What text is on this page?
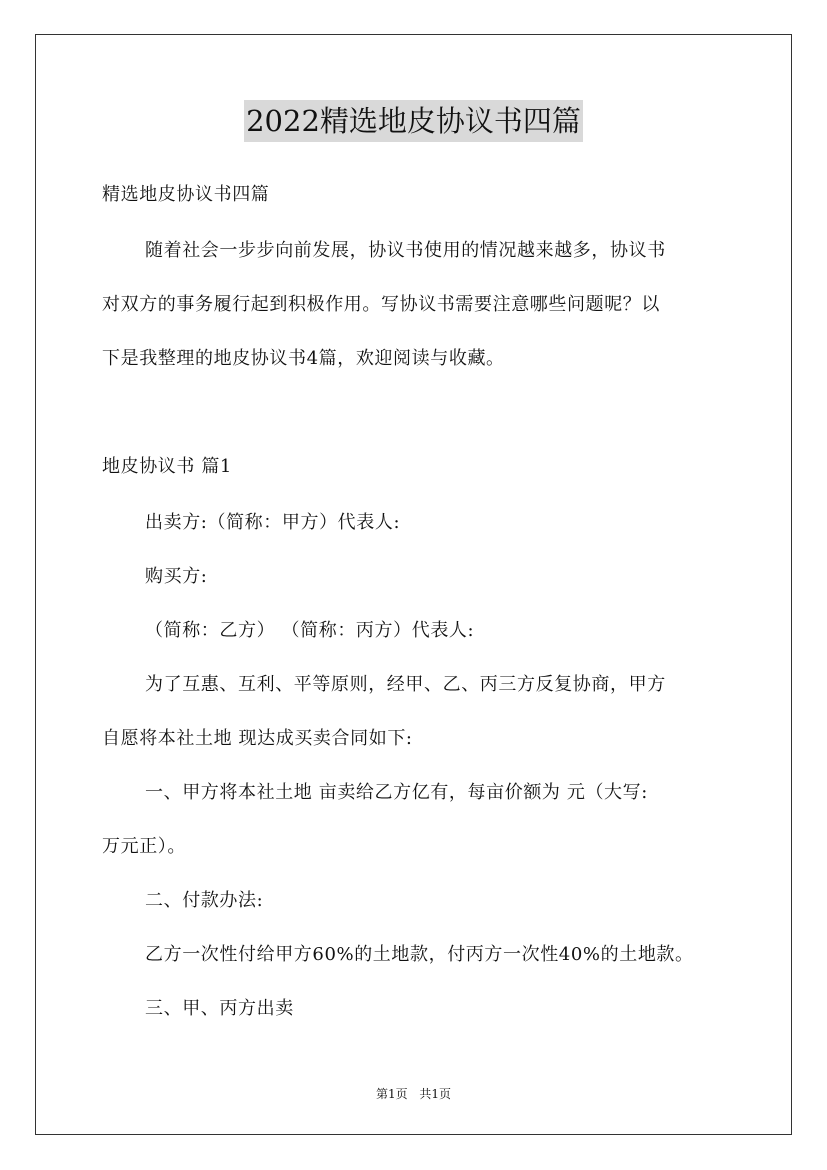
2022精选地皮协议书四篇
精选地皮协议书四篇
随着社会一步步向前发展，协议书使用的情况越来越多，协议书
对双方的事务履行起到积极作用。写协议书需要注意哪些问题呢？以
下是我整理的地皮协议书4篇，欢迎阅读与收藏。
地皮协议书 篇1
出卖方:（简称：甲方）代表人:
购买方:
（简称：乙方） （简称：丙方）代表人:
为了互惠、互利、平等原则，经甲、乙、丙三方反复协商，甲方
自愿将本社土地 现达成买卖合同如下:
一、甲方将本社土地 亩卖给乙方亿有，每亩价额为 元（大写:
万元正）。
二、付款办法:
乙方一次性付给甲方60%的土地款，付丙方一次性40%的土地款。
三、甲、丙方出卖
第1页 共1页
